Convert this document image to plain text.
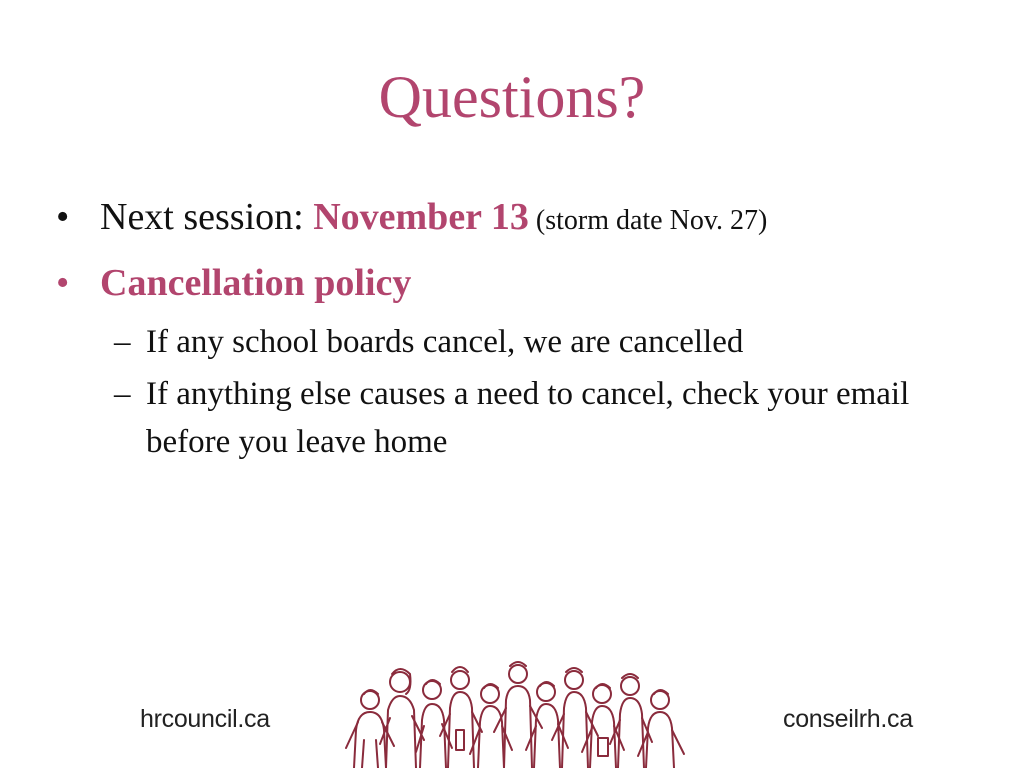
Questions?
• Next session: November 13 (storm date Nov. 27)
• Cancellation policy
– If any school boards cancel, we are cancelled
– If anything else causes a need to cancel, check your email before you leave home
hrcouncil.ca	conseilrh.ca
